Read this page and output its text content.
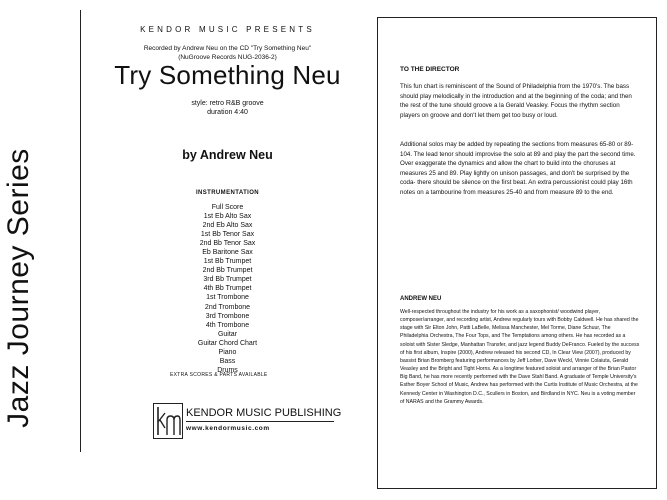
Jazz Journey Series
KENDOR MUSIC PRESENTS
Recorded by Andrew Neu on the CD "Try Something Neu"
(NuGroove Records NUG-2036-2)
Try Something Neu
style: retro R&B groove
duration 4:40
by Andrew Neu
INSTRUMENTATION
Full Score
1st Eb Alto Sax
2nd Eb Alto Sax
1st Bb Tenor Sax
2nd Bb Tenor Sax
Eb Baritone Sax
1st Bb Trumpet
2nd Bb Trumpet
3rd Bb Trumpet
4th Bb Trumpet
1st Trombone
2nd Trombone
3rd Trombone
4th Trombone
Guitar
Guitar Chord Chart
Piano
Bass
Drums
EXTRA SCORES & PARTS AVAILABLE
KENDOR MUSIC PUBLISHING
www.kendormusic.com
TO THE DIRECTOR

This fun chart is reminiscent of the Sound of Philadelphia from the 1970's. The bass should play melodically in the introduction and at the beginning of the coda; and then the rest of the tune should groove a la Gerald Veasley. Focus the rhythm section players on groove and don't let them get too busy or loud.

Additional solos may be added by repeating the sections from measures 65-80 or 89-104. The lead tenor should improvise the solo at 89 and play the part the second time. Over exaggerate the dynamics and allow the chart to build into the choruses at measures 25 and 89. Play lightly on unison passages, and don't be surprised by the coda- there should be silence on the first beat. An extra percussionist could play 16th notes on a tambourine from measures 25-40 and from measure 89 to the end.

ANDREW NEU

Well-respected throughout the industry for his work as a saxophonist/ woodwind player, composer/arranger, and recording artist, Andrew regularly tours with Bobby Caldwell. He has shared the stage with Sir Elton John, Patti LaBelle, Melissa Manchester, Mel Torme, Diane Schuur, The Philadelphia Orchestra, The Four Tops, and The Temptations among others. He has recorded as a soloist with Sister Sledge, Manhattan Transfer, and jazz legend Buddy DeFranco. Fueled by the success of his first album, Inspire (2000), Andrew released his second CD, In Clear View (2007), produced by bassist Brian Bromberg featuring performances by Jeff Lorber, Dave Weckl, Vinnie Colaiuta, Gerald Veasley and the Bright and Tight Horns. As a longtime featured soloist and arranger of the Brian Pastor Big Band, he has more recently performed with the Dave Stahl Band. A graduate of Temple University's Esther Boyer School of Music, Andrew has performed with the Curtis Institute of Music Orchestra, at the Kennedy Center in Washington D.C., Scullers in Boston, and Birdland in NYC. Neu is a voting member of NARAS and the Grammy Awards.
